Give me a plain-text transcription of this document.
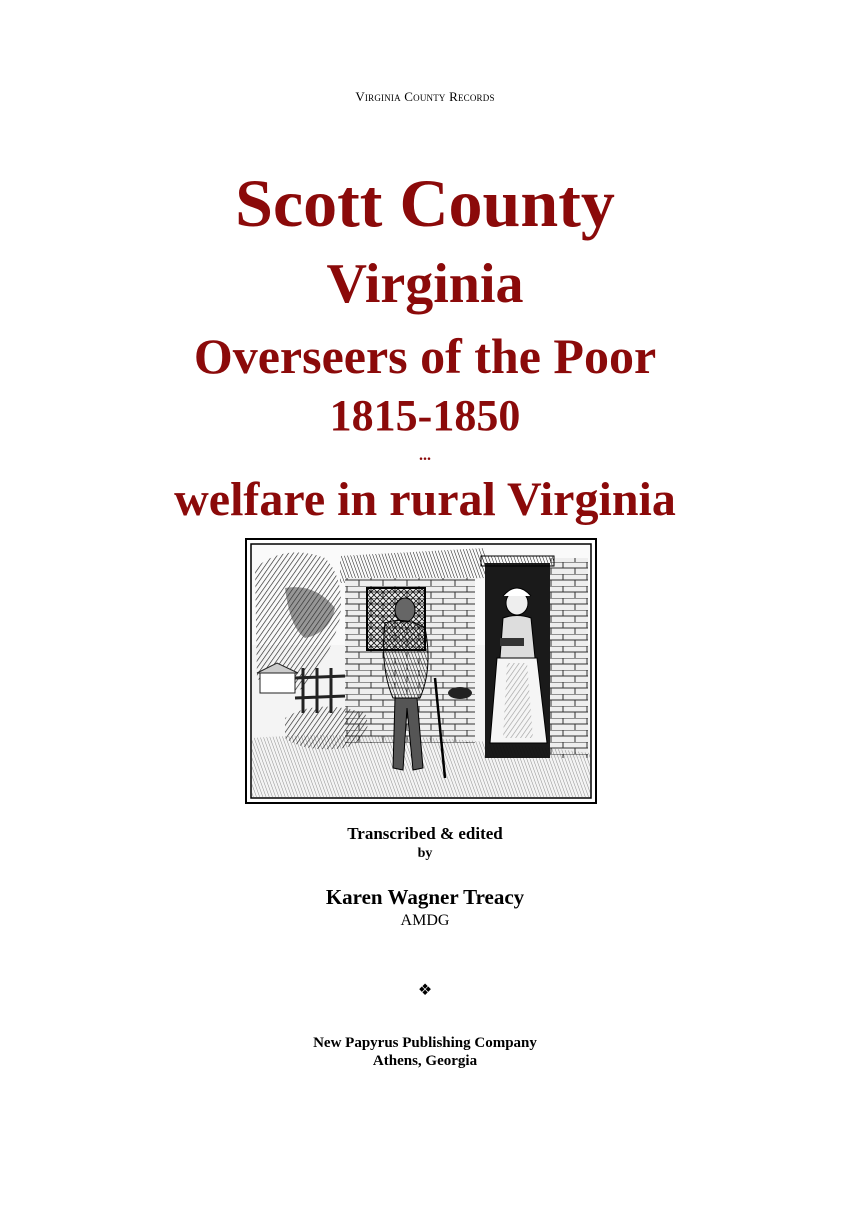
Virginia County Records
Scott County
Virginia
Overseers of the Poor
1815-1850
...
welfare in rural Virginia
Transcribed & edited
by
Karen Wagner Treacy
AMDG
❖
New Papyrus Publishing Company
Athens, Georgia
